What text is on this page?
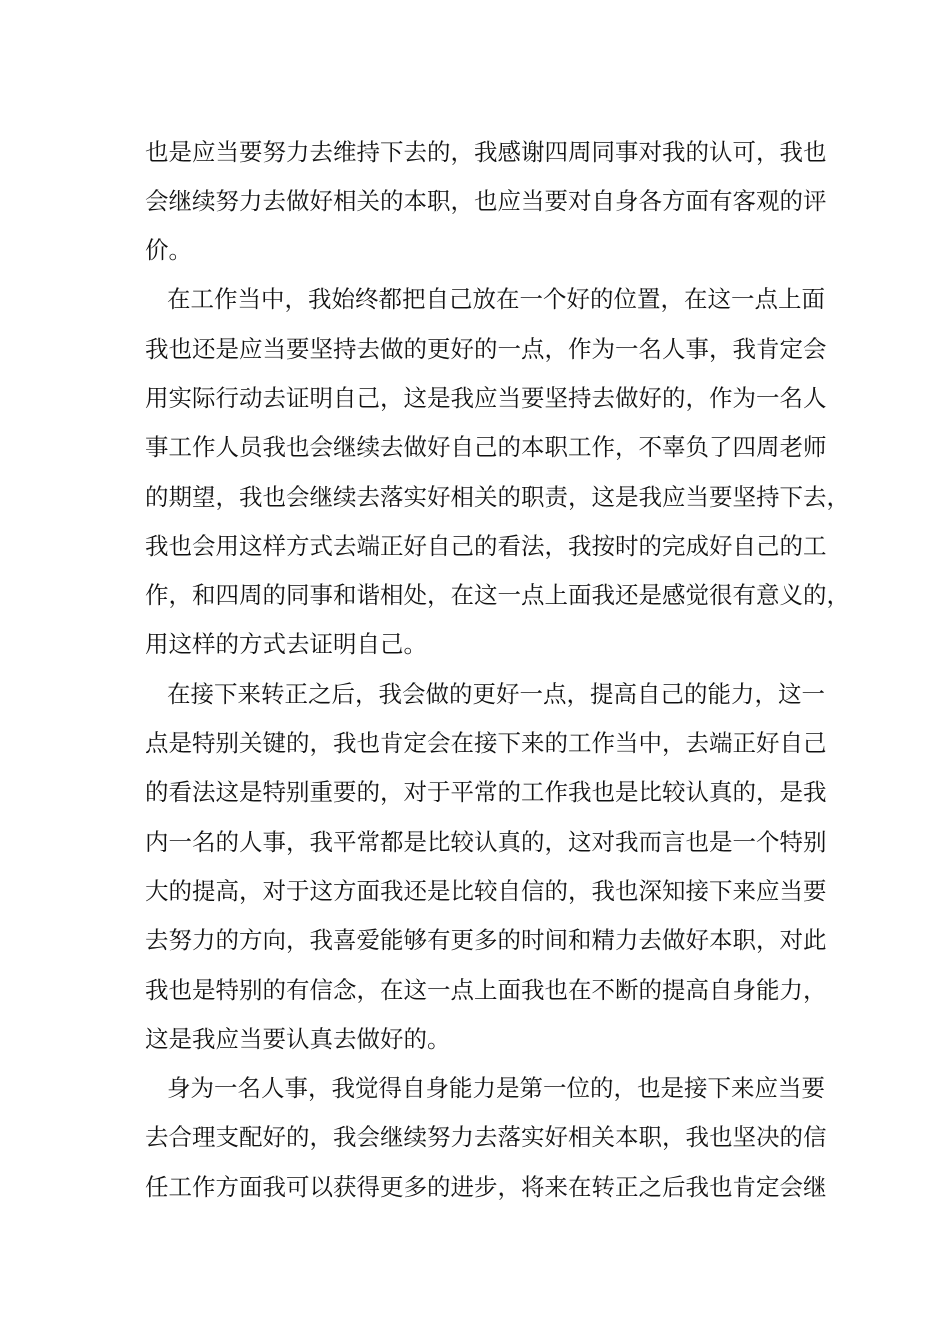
也是应当要努力去维持下去的，我感谢四周同事对我的认可，我也
会继续努力去做好相关的本职，也应当要对自身各方面有客观的评
价。
在工作当中，我始终都把自己放在一个好的位置，在这一点上面
我也还是应当要坚持去做的更好的一点，作为一名人事，我肯定会
用实际行动去证明自己，这是我应当要坚持去做好的，作为一名人
事工作人员我也会继续去做好自己的本职工作，不辜负了四周老师
的期望，我也会继续去落实好相关的职责，这是我应当要坚持下去，
我也会用这样方式去端正好自己的看法，我按时的完成好自己的工
作，和四周的同事和谐相处，在这一点上面我还是感觉很有意义的，
用这样的方式去证明自己。
在接下来转正之后，我会做的更好一点，提高自己的能力，这一
点是特别关键的，我也肯定会在接下来的工作当中，去端正好自己
的看法这是特别重要的，对于平常的工作我也是比较认真的，是我
内一名的人事，我平常都是比较认真的，这对我而言也是一个特别
大的提高，对于这方面我还是比较自信的，我也深知接下来应当要
去努力的方向，我喜爱能够有更多的时间和精力去做好本职，对此
我也是特别的有信念，在这一点上面我也在不断的提高自身能力，
这是我应当要认真去做好的。
身为一名人事，我觉得自身能力是第一位的，也是接下来应当要
去合理支配好的，我会继续努力去落实好相关本职，我也坚决的信
任工作方面我可以获得更多的进步，将来在转正之后我也肯定会继
